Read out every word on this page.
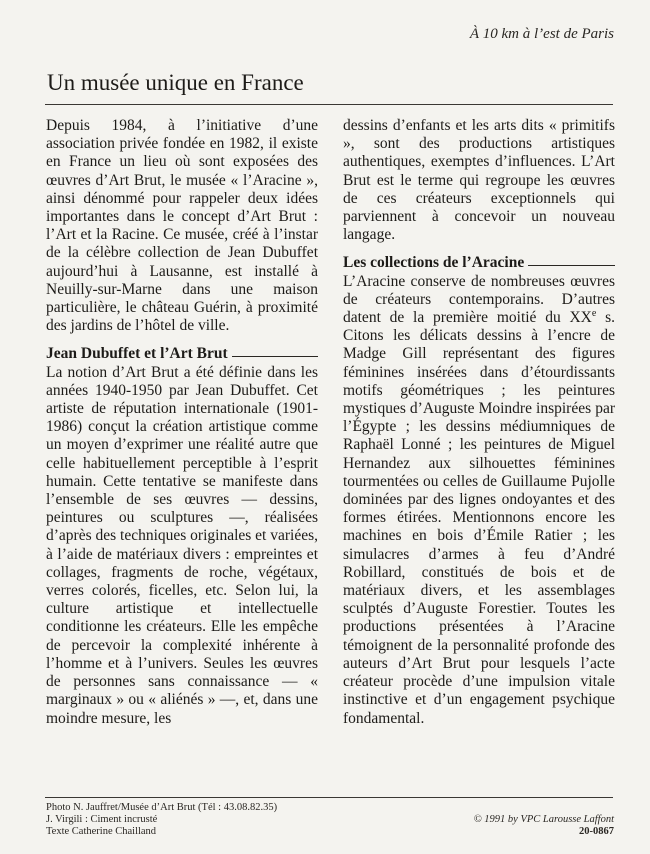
À 10 km à l’est de Paris
Un musée unique en France

Depuis 1984, à l’initiative d’une association privée fondée en 1982, il existe en France un lieu où sont exposées des œuvres d’Art Brut, le musée « l’Aracine », ainsi dénommé pour rappeler deux idées importantes dans le concept d’Art Brut : l’Art et la Racine. Ce musée, créé à l’instar de la célèbre collection de Jean Dubuffet aujourd’hui à Lausanne, est installé à Neuilly-sur-Marne dans une maison particulière, le château Guérin, à proximité des jardins de l’hôtel de ville.

Jean Dubuffet et l’Art Brut

La notion d’Art Brut a été définie dans les années 1940-1950 par Jean Dubuffet. Cet artiste de réputation internationale (1901-1986) conçut la création artistique comme un moyen d’exprimer une réalité autre que celle habituellement perceptible à l’esprit humain. Cette tentative se manifeste dans l’ensemble de ses œuvres — dessins, peintures ou sculptures —, réalisées d’après des techniques originales et variées, à l’aide de matériaux divers : empreintes et collages, fragments de roche, végétaux, verres colorés, ficelles, etc. Selon lui, la culture artistique et intellectuelle conditionne les créateurs. Elle les empêche de percevoir la complexité inhérente à l’homme et à l’univers. Seules les œuvres de personnes sans connaissance — « marginaux » ou « aliénés » —, et, dans une moindre mesure, les

dessins d’enfants et les arts dits « primitifs », sont des productions artistiques authentiques, exemptes d’influences. L’Art Brut est le terme qui regroupe les œuvres de ces créateurs exceptionnels qui parviennent à concevoir un nouveau langage.

Les collections de l’Aracine

L’Aracine conserve de nombreuses œuvres de créateurs contemporains. D’autres datent de la première moitié du XXe s. Citons les délicats dessins à l’encre de Madge Gill représentant des figures féminines insérées dans d’étourdissants motifs géométriques ; les peintures mystiques d’Auguste Moindre inspirées par l’Égypte ; les dessins médiumniques de Raphaël Lonné ; les peintures de Miguel Hernandez aux silhouettes féminines tourmentées ou celles de Guillaume Pujolle dominées par des lignes ondoyantes et des formes étirées. Mentionnons encore les machines en bois d’Émile Ratier ; les simulacres d’armes à feu d’André Robillard, constitués de bois et de matériaux divers, et les assemblages sculptés d’Auguste Forestier. Toutes les productions présentées à l’Aracine témoignent de la personnalité profonde des auteurs d’Art Brut pour lesquels l’acte créateur procède d’une impulsion vitale instinctive et d’un engagement psychique fondamental.

Photo N. Jauffret/Musée d’Art Brut (Tél : 43.08.82.35)
J. Virgili : Ciment incrusté
Texte Catherine Chailland
© 1991 by VPC Larousse Laffont
20-0867
